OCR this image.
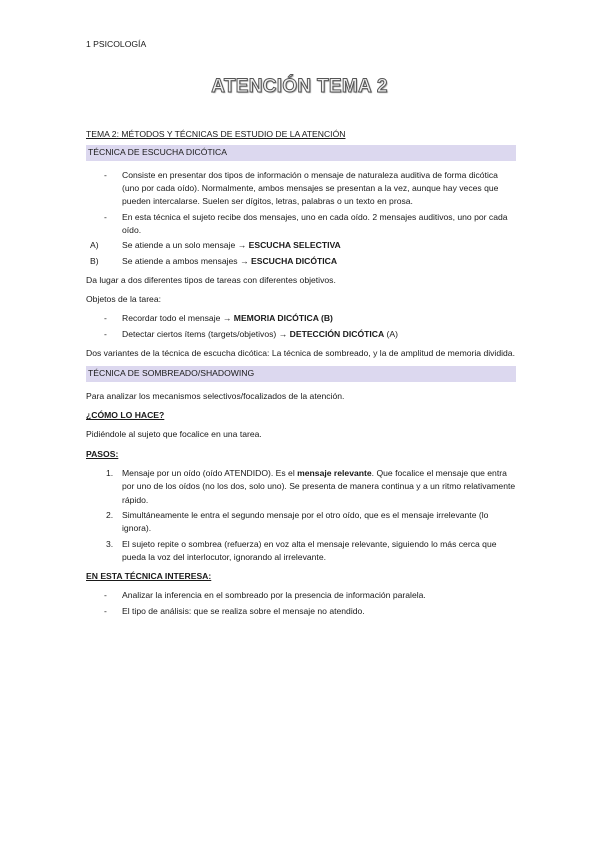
1 PSICOLOGÍA
ATENCIÓN TEMA 2
TEMA 2: MÉTODOS Y TÉCNICAS DE ESTUDIO DE LA ATENCIÓN
TÉCNICA DE ESCUCHA DICÓTICA
- Consiste en presentar dos tipos de información o mensaje de naturaleza auditiva de forma dicótica (uno por cada oído). Normalmente, ambos mensajes se presentan a la vez, aunque hay veces que pueden intercalarse. Suelen ser dígitos, letras, palabras o un texto en prosa.
- En esta técnica el sujeto recibe dos mensajes, uno en cada oído. 2 mensajes auditivos, uno por cada oído.
A)	Se atiende a un solo mensaje → ESCUCHA SELECTIVA
B)	Se atiende a ambos mensajes → ESCUCHA DICÓTICA

Da lugar a dos diferentes tipos de tareas con diferentes objetivos.

Objetos de la tarea:

- Recordar todo el mensaje → MEMORIA DICÓTICA (B)
- Detectar ciertos ítems (targets/objetivos) → DETECCIÓN DICÓTICA (A)

Dos variantes de la técnica de escucha dicótica: La técnica de sombreado, y la de amplitud de memoria dividida.

TÉCNICA DE SOMBREADO/SHADOWING

Para analizar los mecanismos selectivos/focalizados de la atención.

¿CÓMO LO HACE?

Pidiéndole al sujeto que focalice en una tarea.

PASOS:

1. Mensaje por un oído (oído ATENDIDO). Es el mensaje relevante. Que focalice el mensaje que entra por uno de los oídos (no los dos, solo uno). Se presenta de manera continua y a un ritmo relativamente rápido.
2. Simultáneamente le entra el segundo mensaje por el otro oído, que es el mensaje irrelevante (lo ignora).
3. El sujeto repite o sombrea (refuerza) en voz alta el mensaje relevante, siguiendo lo más cerca que pueda la voz del interlocutor, ignorando al irrelevante.

EN ESTA TÉCNICA INTERESA:

- Analizar la inferencia en el sombreado por la presencia de información paralela.
- El tipo de análisis: que se realiza sobre el mensaje no atendido.
